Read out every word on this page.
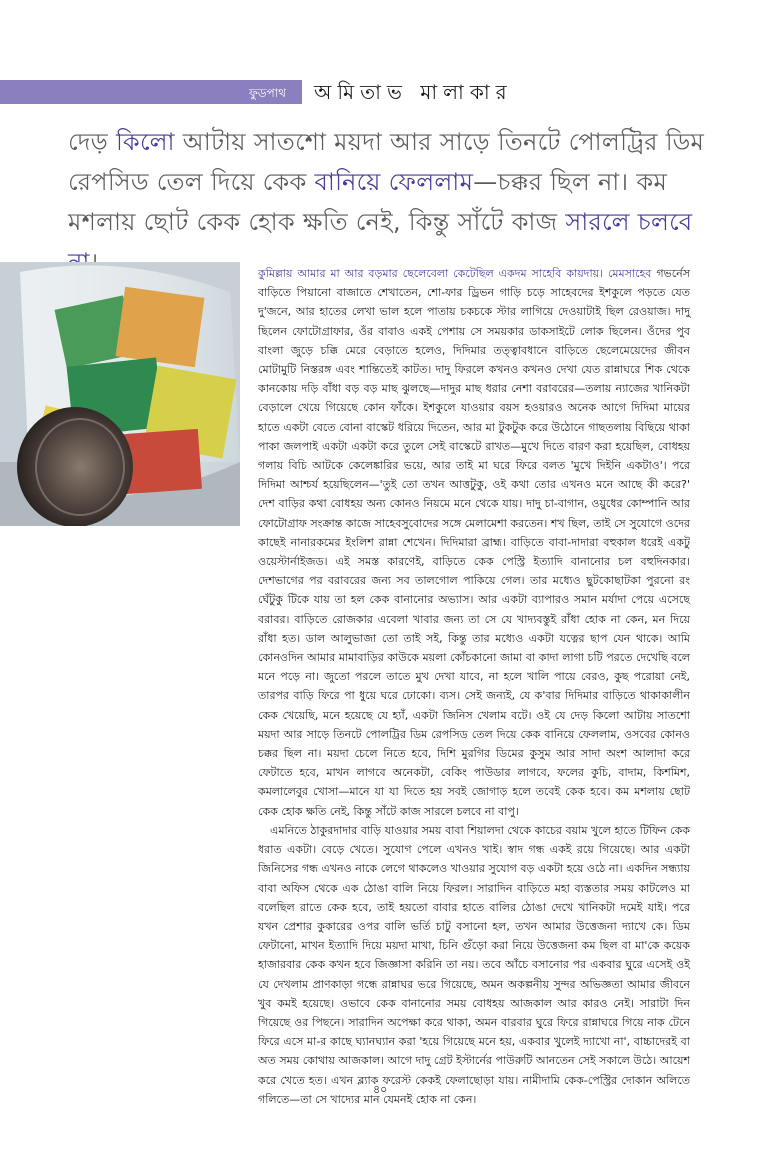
ফুডপাথ অমিতাভ মালাকার
দেড় কিলো আটায় সাতশো ময়দা আর সাড়ে তিনটে পোলট্রির ডিম রেপসিড তেল দিয়ে কেক বানিয়ে ফেললাম—চক্কর ছিল না। কম মশলায় ছোট কেক হোক ক্ষতি নেই, কিন্তু সাঁটে কাজ সারলে চলবে

কুমিল্লায় আমার মা আর বড়মার ছেলেবেলা কেটেছিল একদম সাহেবি কায়দায়। মেমসাহেব গভর্নেস বাড়িতে পিয়ানো বাজাতে শেখাতেন, শো-ফার ড্রিভন গাড়ি চড়ে সাহেবদের ইশকুলে পড়তে যেত দু'জনে, আর হাতের লেখা ভাল হলে পাতায় চকচকে স্টার লাগিয়ে দেওয়াটাই ছিল রেওয়াজ। দাদু ছিলেন ফোটোগ্রাফার, ওঁর বাবাও একই পেশায় সে সময়কার ডাকসাইটে লোক ছিলেন। ওঁদের পুব বাংলা জুড়ে চক্কি মেরে বেড়াতে হলেও, দিদিমার তত্ত্বাবধানে বাড়িতে ছেলেমেয়েদের জীবন মোটামুটি নিস্তরঙ্গ এবং শান্তিতেই কাটত। দাদু ফিরলে কখনও কখনও দেখা যেত রান্নাঘরে শিক থেকে কানকোয় দড়ি বাঁধা বড় বড় মাছ ঝুলছে—দাদুর মাছ ধরার নেশা বরাবরের—তলায় ন্যাজের খানিকটা বেড়ালে খেয়ে গিয়েছে কোন ফাঁকে। ইশকুলে যাওয়ার বয়স হওয়ারও অনেক আগে দিদিমা মায়ের হাতে একটা বেতে বোনা বাস্কেট ধরিয়ে দিতেন, আর মা টুকটুক করে উঠোনে গাছতলায় বিছিয়ে থাকা পাকা জলপাই একটা একটা করে তুলে সেই বাস্কেটে রাখত—মুখে দিতে বারণ করা হয়েছিল, বোধহয় গলায় বিচি আটকে কেলেঙ্কারির ভয়ে, আর তাই মা ঘরে ফিরে বলত 'মুখে দিইনি একটাও'। পরে দিদিমা আশ্চর্য হয়েছিলেন—'তুই তো তখন আত্তটুকু, ওই কথা তোর এখনও মনে আছে কী করে?' দেশ বাড়ির কথা বোধহয় অন্য কোনও নিয়মে মনে থেকে যায়। দাদু চা-বাগান, ওয়ুধের কোম্পানি আর ফোটোগ্রাফ সংক্রান্ত কাজে সাহেবসুবোদের সঙ্গে মেলামেশা করতেন। শখ ছিল, তাই সে সুযোগে ওদের কাছেই নানারকমের ইংলিশ রান্না শেখেন। দিদিমারা ব্রাহ্ম। বাড়িতে বাবা-দাদারা বহুকাল ধরেই একটু ওয়েস্টার্নাইজড। এই সমস্ত কারণেই, বাড়িতে কেক পেস্ট্রি ইত্যাদি বানানোর চল বহুদিনকার। দেশভাগের পর বরাবরের জন্য সব তালগোল পাকিয়ে গেল। তার মধ্যেও ছুটকোছাটকা পুরনো রং ঘেঁটুকু টিকে যায় তা হল কেক বানানোর অভ্যাস। আর একটা ব্যাপারও সমান মর্যাদা পেয়ে এসেছে বরাবর। বাড়িতে রোজকার এবেলা খাবার জন্য তা সে যে খাদ্যবস্তুই রাঁধা হোক না কেন, মন দিয়ে রাঁধা হত। ডাল আলুভাজা তো তাই সই, কিন্তু তার মধ্যেও একটা যত্নের ছাপ যেন থাকে। আমি কোনওদিন আমার মামাবাড়ির কাউকে ময়লা কোঁচকানো জামা বা কাদা লাগা চটি পরতে দেখেছি বলে মনে পড়ে না। জুতো পরলে তাতে মুখ দেখা যাবে, না হলে খালি পায়ে বেরও, কুছ পরোয়া নেই, তারপর বাড়ি ফিরে পা ধুয়ে ঘরে ঢোকো। ব্যস। সেই জন্যই, যে ক'বার দিদিমার বাড়িতে থাকাকালীন কেক খেয়েছি, মনে হয়েছে যে হ্যাঁ, একটা জিনিস খেলাম বটে। ওই যে দেড় কিলো আটায় সাতশো ময়দা আর সাড়ে তিনটে পোলট্রির ডিম রেপসিড তেল দিয়ে কেক বানিয়ে ফেললাম, ওসবের কোনও চক্কর ছিল না। ময়দা চেলে নিতে হবে, দিশি মুরগির ডিমের কুসুম আর সাদা অংশ আলাদা করে ফেটাতে হবে, মাখন লাগবে অনেকটা, বেকিং পাউডার লাগবে, ফলের কুচি, বাদাম, কিশমিশ, কমলালেবুর খোসা—মানে যা যা দিতে হয় সবই জোগাড় হলে তবেই কেক হবে। কম মশলায় ছোট কেক হোক ক্ষতি নেই, কিন্তু সাঁটে কাজ সারলে চলবে না বাপু।

এমনিতে ঠাকুরদাদার বাড়ি যাওয়ার সময় বাবা শিয়ালদা থেকে কাচের বয়াম খুলে হাতে টিফিন কেক ধরাত একটা। বেড়ে খেতে। সুযোগ পেলে এখনও খাই। স্বাদ গন্ধ একই রয়ে গিয়েছে। আর একটা জিনিসের গন্ধ এখনও নাকে লেগে থাকলেও খাওয়ার সুযোগ বড় একটা হয়ে ওঠে না। একদিন সন্ধ্যায় বাবা অফিস থেকে এক ঠোঙা বালি নিয়ে ফিরল। সারাদিন বাড়িতে মহা ব্যস্ততার সময় কাটলেও মা বলেছিল রাতে কেক হবে, তাই হয়তো বাবার হাতে বালির ঠোঙা দেখে খানিকটা দমেই যাই। পরে যখন প্রেশার কুকারের ওপর বালি ভর্তি চাটু বসানো হল, তখন আমার উত্তেজনা দ্যাখে কে। ডিম ফেটানো, মাখন ইত্যাদি দিয়ে ময়দা মাখা, চিনি গুঁড়ো করা নিয়ে উত্তেজনা কম ছিল বা মা'কে কয়েক হাজারবার কেক কখন হবে জিজ্ঞাসা করিনি তা নয়। তবে আঁচে বসানোর পর একবার ঘুরে এসেই ওই যে দেখলাম প্রাণকাড়া গন্ধে রান্নাঘর ভরে গিয়েছে, অমন অকল্পনীয় সুন্দর অভিজ্ঞতা আমার জীবনে খুব কমই হয়েছে। ওভাবে কেক বানানোর সময় বোধহয় আজকাল আর কারও নেই। সারাটা দিন গিয়েছে ওর পিছনে। সারাদিন অপেক্ষা করে থাকা, অমন বারবার ঘুরে ফিরে রান্নাঘরে গিয়ে নাক টেনে ফিরে এসে মা-র কাছে ঘ্যানঘ্যান করা 'হয়ে গিয়েছে মনে হয়, একবার খুলেই দ্যাখো না', বাচ্চাদেরই বা অত সময় কোথায় আজকাল। আগে দাদু গ্রেট ইস্টার্নের পাউরুটি আনতেন সেই সকালে উঠে। আয়েশ করে খেতে হত। এখন ব্ল্যাক ফরেস্ট কেকই ফেলাছোড়া যায়। নামীদামি কেক-পেস্ট্রির দোকান অলিতে গলিতে—তা সে খাদ্যের মান যেমনই হোক না কেন।

৪০
